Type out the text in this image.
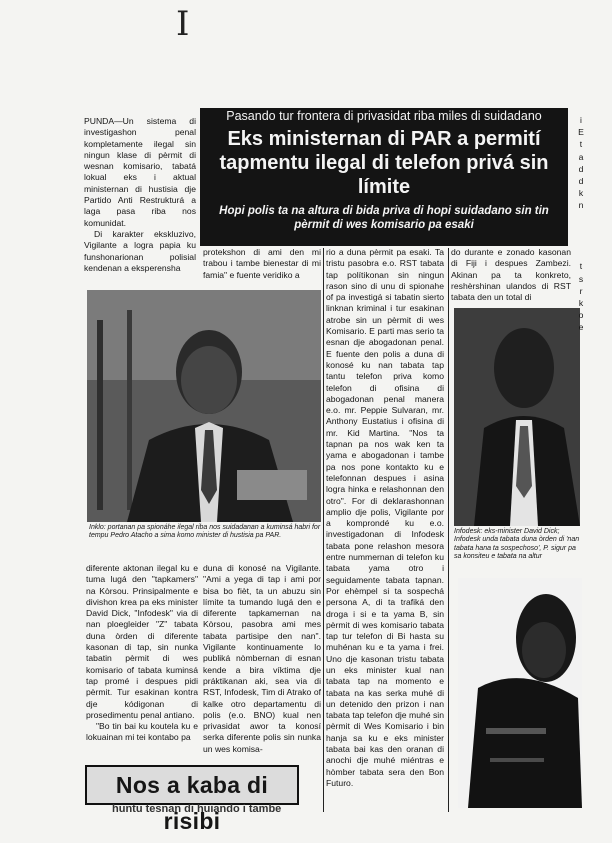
I

PUNDA—Un sistema di investigashon penal kompletamente ilegal sin ningun klase di pèrmit di wesnan komisario, tabatá lokual eks i aktual ministernan di hustisia dje Partido Anti Restrukturá a laga pasa riba nos komunidat.

Di karakter ekskluzivo, Vigilante a logra papia ku funshonarionan polisial kendenan a eksperensha

Pasando tur frontera di privasidat riba miles di suidadano
Eks ministernan di PAR a permití tapmentu ilegal di telefon privá sin límite
Hopi polis ta na altura di bida priva di hopi suidadano sin tin pèrmit di wes komisario pa esaki

protekshon di ami den mi trabou i tambe bienestar di mi famia" e fuente veridiko a

rio a duna pèrmit pa esaki. Ta tristu pasobra e.o. RST tabata tap polítikonan sin ningun rason sino di unu di spionahe of pa investigá si tabatin sierto linknan kriminal i tur esakinan atrobe sin un pèrmit di wes Komisario. E parti mas serio ta esnan dje abogadonan penal. E fuente den polis a duna di konosé ku nan tabata tap tantu telefon priva komo telefon di ofisina di abogadonan penal manera e.o. mr. Peppie Sulvaran, mr. Anthony Eustatius i ofisina di mr. Kid Martina. "Nos ta tapnan pa nos wak ken ta yama e abogadonan i tambe pa nos pone kontakto ku e telefonnan despues i asina logra hinka e relashonnan den otro". For di deklarashonnan amplio dje polis, Vigilante por a komprondé ku e.o. investigadonan di Infodesk tabata pone relashon mesora entre nummernan di telefon ku tabata yama otro i seguidamente tabata tapnan. Por ehèmpel si ta sospechá persona A, di ta trafiká den droga i si e ta yama B, sin pèrmit di wes komisario tabata tap tur telefon di Bi hasta su muhénan ku e ta yama i frei. Uno dje kasonan tristu tabata un eks minister kual nan tabata tap na momento e tabata na kas serka muhé di un detenido den prizon i nan tabata tap telefon dje muhé sin pèrmit di Wes Komisario i bin hanja sa ku e eks minister tabata bai kas den oranan di anochi dje muhé miéntras e hòmber tabata sera den Bon Futuro.

do durante e zonado kasonan di Fiji i despues Zambezi. Akinan pa ta konkreto, reshèrshinan ulandos di RST tabata den un total di

Inklo: portanan pa spionáhe ilegal riba nos suidadanan a kuminsá habri for tempu Pedro Atacho a sima komo minister di hustisia pa PAR.
Infodesk: eks-minister David Dick; Infodesk unda tabata duna òrden di 'nan tabata hana ta sospechoso', P. sigur pa sa konsiteu e tabata na altur

diferente aktonan ilegal ku e tuma lugá den "tapkamers" na Kòrsou. Prinsipalmente e divishon krea pa eks minister David Dick, "Infodesk" via di nan ploegleider "Z" tabata duna òrden di diferente kasonan di tap, sin nunka tabatin pèrmit di wes komisario of tabata kuminsá tap promé i despues pidi pèrmit. Tur esakinan kontra dje kódigonan di prosedimentu penal antiano.

"Bo tin bai ku koutela ku e lokuainan mi tei kontabo pa

duna di konosé na Vigilante. "Ami a yega di tap i ami por bisa bo fièt, ta un abuzu sin límite ta tumando lugá den e diferente tapkamernan na Kòrsou, pasobra ami mes tabata partisipe den nan". Vigilante kontinuamente lo publiká nòmbernan di esnan kende a bira víktima dje práktikanan aki, sea via di RST, Infodesk, Tim di Atrako of kalke otro departamentu di polis (e.o. BNO) kual nen privasidat awor ta konosí serka diferente polis sin nunka un wes komisa-

Nos a kaba di risibi
huntu tesnan di huiando i tambe
i
E
t
a
d
d
k
n

t
s
r
k
o
e
